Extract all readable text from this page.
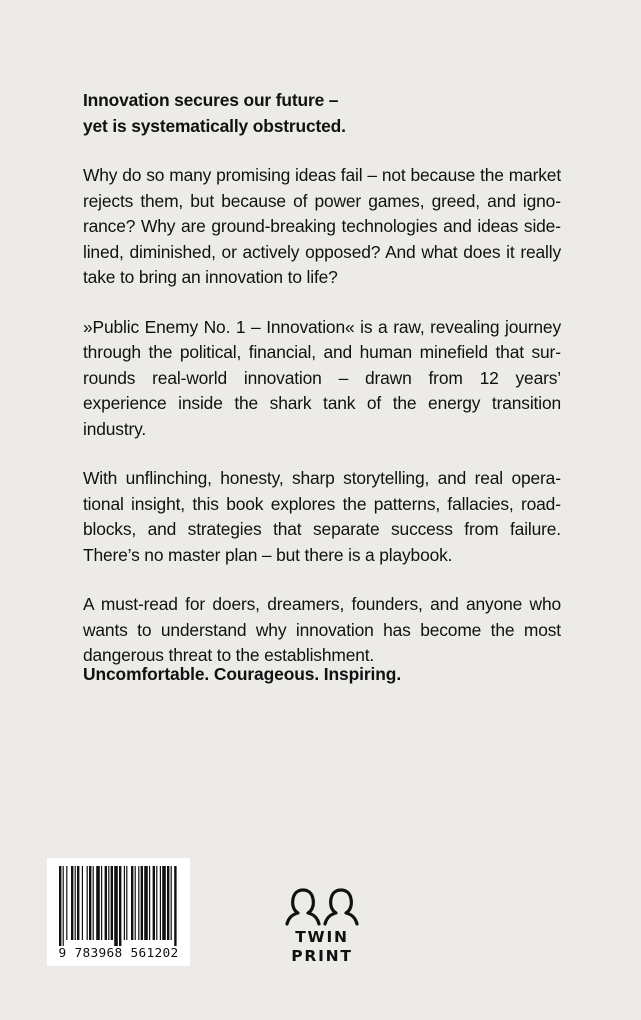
Innovation secures our future –
yet is systematically obstructed.

Why do so many promising ideas fail – not because the market rejects them, but because of power games, greed, and ignorance? Why are ground-breaking technologies and ideas sidelined, diminished, or actively opposed? And what does it really take to bring an innovation to life?

»Public Enemy No. 1 – Innovation« is a raw, revealing journey through the political, financial, and human minefield that surrounds real-world innovation – drawn from 12 years’ experience inside the shark tank of the energy transition industry.

With unflinching, honesty, sharp storytelling, and real operational insight, this book explores the patterns, fallacies, roadblocks, and strategies that separate success from failure. There’s no master plan – but there is a playbook.

A must-read for doers, dreamers, founders, and anyone who wants to understand why innovation has become the most dangerous threat to the establishment.

Uncomfortable. Courageous. Inspiring.
9 783968 561202
TWIN
PRINT
